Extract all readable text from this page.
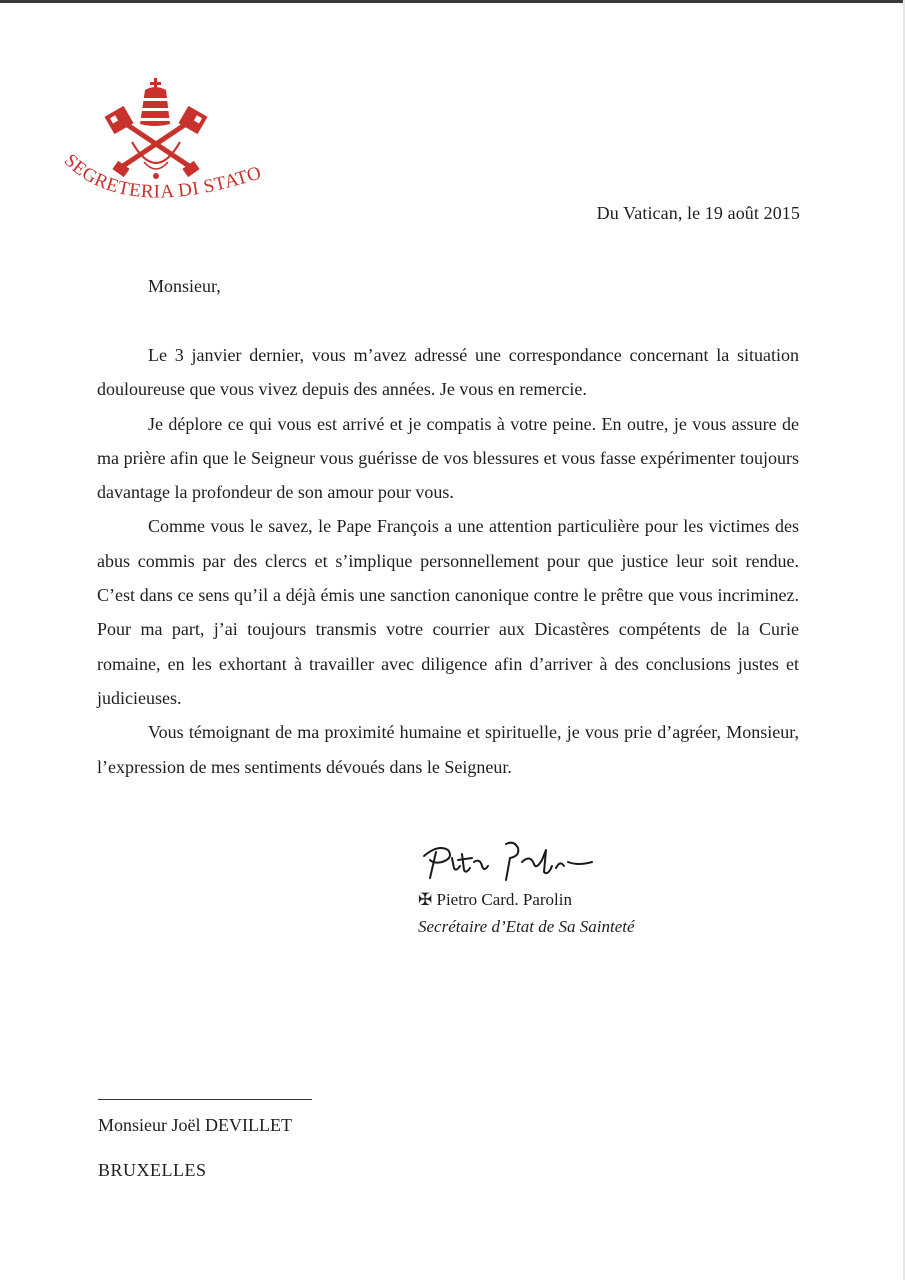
SEGRETERIA DI STATO
Du Vatican, le 19 août 2015
Monsieur,

Le 3 janvier dernier, vous m’avez adressé une correspondance concernant la situation douloureuse que vous vivez depuis des années. Je vous en remercie.

Je déplore ce qui vous est arrivé et je compatis à votre peine. En outre, je vous assure de ma prière afin que le Seigneur vous guérisse de vos blessures et vous fasse expérimenter toujours davantage la profondeur de son amour pour vous.

Comme vous le savez, le Pape François a une attention particulière pour les victimes des abus commis par des clercs et s’implique personnellement pour que justice leur soit rendue. C’est dans ce sens qu’il a déjà émis une sanction canonique contre le prêtre que vous incriminez. Pour ma part, j’ai toujours transmis votre courrier aux Dicastères compétents de la Curie romaine, en les exhortant à travailler avec diligence afin d’arriver à des conclusions justes et judicieuses.

Vous témoignant de ma proximité humaine et spirituelle, je vous prie d’agréer, Monsieur, l’expression de mes sentiments dévoués dans le Seigneur.

✠ Pietro Card. Parolin
Secrétaire d’Etat de Sa Sainteté
Monsieur Joël DEVILLET
BRUXELLES
